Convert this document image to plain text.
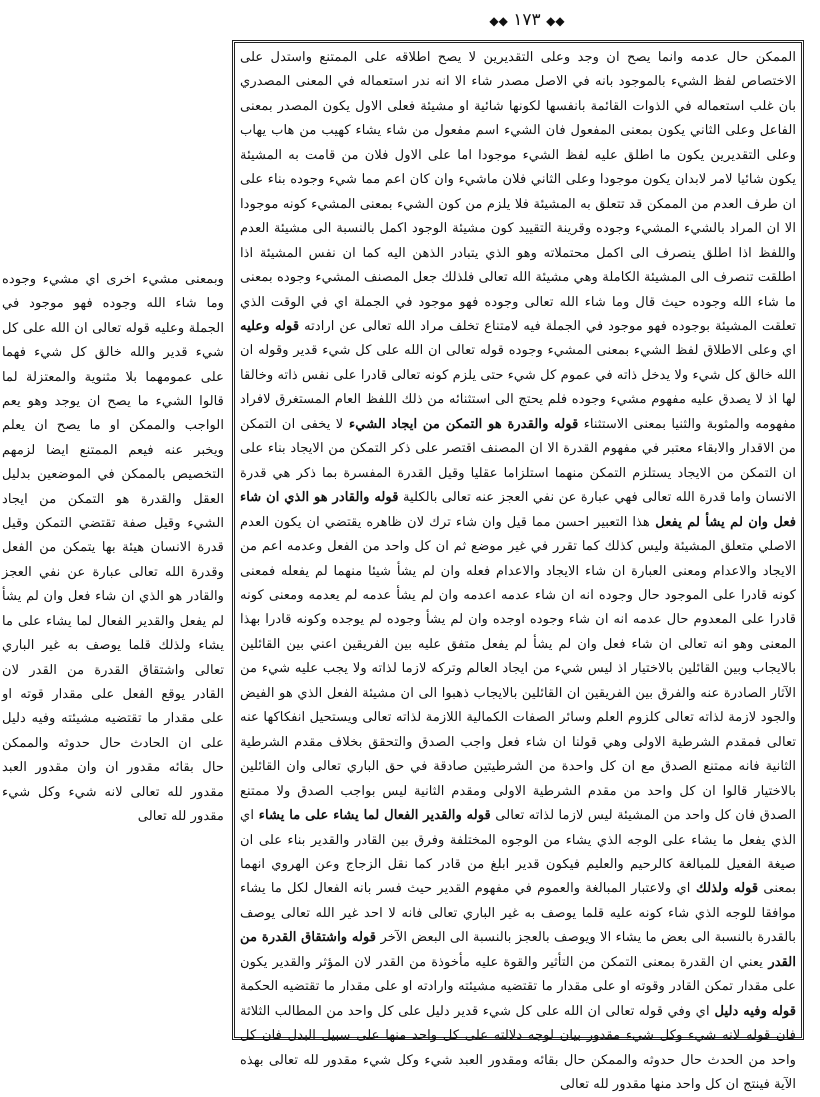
◆◆ ١٧٣ ◆◆

الممكن حال عدمه وانما يصح ان وجد وعلى التقديرين لا يصح اطلاقه على الممتنع واستدل على الاختصاص لفظ الشيء بالموجود بانه في الاصل مصدر شاء الا انه ندر استعماله في المعنى المصدري بان غلب استعماله في الذوات القائمة بانفسها لكونها شائية او مشيئة فعلى الاول يكون المصدر بمعنى الفاعل وعلى الثاني يكون بمعنى المفعول فان الشيء اسم مفعول من شاء يشاء كهيب من هاب يهاب وعلى التقديرين يكون ما اطلق عليه لفظ الشيء موجودا اما على الاول فلان من قامت به المشيئة يكون شائيا لامر لابدان يكون موجودا وعلى الثاني فلان ماشيء وان كان اعم مما شيء وجوده بناء على ان طرف العدم من الممكن قد تتعلق به المشيئة فلا يلزم من كون الشيء بمعنى المشيء كونه موجودا الا ان المراد بالشيء المشيء وجوده وقرينة التقييد كون مشيئة الوجود اكمل بالنسبة الى مشيئة العدم واللفظ اذا اطلق ينصرف الى اكمل محتملاته وهو الذي يتبادر الذهن اليه كما ان نفس المشيئة اذا اطلقت تنصرف الى المشيئة الكاملة وهي مشيئة الله تعالى فلذلك جعل المصنف المشيء وجوده بمعنى ما شاء الله وجوده حيث قال وما شاء الله تعالى وجوده فهو موجود في الجملة اي في الوقت الذي تعلقت المشيئة بوجوده فهو موجود في الجملة فيه لامتناع تخلف مراد الله تعالى عن ارادته قوله وعليه اي وعلى الاطلاق لفظ الشيء بمعنى المشيء وجوده قوله تعالى ان الله على كل شيء قدير وقوله ان الله خالق كل شيء ولا يدخل ذاته في عموم كل شيء حتى يلزم كونه تعالى قادرا على نفس ذاته وخالقا لها اذ لا يصدق عليه مفهوم مشيء وجوده فلم يحتج الى استثنائه من ذلك اللفظ العام المستغرق لافراد مفهومه والمثوبة والثنيا بمعنى الاستثناء قوله والقدرة هو التمكن من ايجاد الشيء لا يخفى ان التمكن من الاقدار والابقاء معتبر في مفهوم القدرة الا ان المصنف اقتصر على ذكر التمكن من الايجاد بناء على ان التمكن من الايجاد يستلزم التمكن منهما استلزاما عقليا وقيل القدرة المفسرة بما ذكر هي قدرة الانسان واما قدرة الله تعالى فهي عبارة عن نفي العجز عنه تعالى بالكلية قوله والقادر هو الذي ان شاء فعل وان لم يشأ لم يفعل هذا التعبير احسن مما قيل وان شاء ترك لان ظاهره يقتضي ان يكون العدم الاصلي متعلق المشيئة وليس كذلك كما تقرر في غير موضع ثم ان كل واحد من الفعل وعدمه اعم من الايجاد والاعدام ومعنى العبارة ان شاء الايجاد والاعدام فعله وان لم يشأ شيئا منهما لم يفعله فمعنى كونه قادرا على الموجود حال وجوده انه ان شاء عدمه اعدمه وان لم يشأ عدمه لم يعدمه ومعنى كونه قادرا على المعدوم حال عدمه انه ان شاء وجوده اوجده وان لم يشأ وجوده لم يوجده وكونه قادرا بهذا المعنى وهو انه تعالى ان شاء فعل وان لم يشأ لم يفعل متفق عليه بين الفريقين اعني بين القائلين بالايجاب وبين القائلين بالاختيار اذ ليس شيء من ايجاد العالم وتركه لازما لذاته ولا يجب عليه شيء من الآثار الصادرة عنه والفرق بين الفريقين ان القائلين بالايجاب ذهبوا الى ان مشيئة الفعل الذي هو الفيض والجود لازمة لذاته تعالى كلزوم العلم وسائر الصفات الكمالية اللازمة لذاته تعالى ويستحيل انفكاكها عنه تعالى فمقدم الشرطية الاولى وهي قولنا ان شاء فعل واجب الصدق والتحقق بخلاف مقدم الشرطية الثانية فانه ممتنع الصدق مع ان كل واحدة من الشرطيتين صادقة في حق الباري تعالى وان القائلين بالاختيار قالوا ان كل واحد من مقدم الشرطية الاولى ومقدم الثانية ليس بواجب الصدق ولا ممتنع الصدق فان كل واحد من المشيئة ليس لازما لذاته تعالى قوله والقدير الفعال لما يشاء على ما يشاء اي الذي يفعل ما يشاء على الوجه الذي يشاء من الوجوه المختلفة وفرق بين القادر والقدير بناء على ان صيغة الفعيل للمبالغة كالرحيم والعليم فيكون قدير ابلغ من قادر كما نقل الزجاج وعن الهروي انهما بمعنى قوله ولذلك اي ولاعتبار المبالغة والعموم في مفهوم القدير حيث فسر بانه الفعال لكل ما يشاء موافقا للوجه الذي شاء كونه عليه قلما يوصف به غير الباري تعالى فانه لا احد غير الله تعالى يوصف بالقدرة بالنسبة الى بعض ما يشاء الا ويوصف بالعجز بالنسبة الى البعض الآخر قوله واشتقاق القدرة من القدر يعني ان القدرة بمعنى التمكن من التأثير والقوة عليه مأخوذة من القدر لان المؤثر والقدير يكون على مقدار تمكن القادر وقوته او على مقدار ما تقتضيه مشيئته وارادته او على مقدار ما تقتضيه الحكمة قوله وفيه دليل اي وفي قوله تعالى ان الله على كل شيء قدير دليل على كل واحد من المطالب الثلاثة فان قوله لانه شيء وكل شيء مقدور بيان لوجه دلالته على كل واحد منها على سبيل البدل فان كل واحد من الحدث حال حدوثه والممكن حال بقائه ومقدور العبد شيء وكل شيء مقدور لله تعالى بهذه الآية فينتج ان كل واحد منها مقدور لله تعالى

وبمعنى مشيء اخرى اي مشيء وجوده وما شاء الله وجوده فهو موجود في الجملة وعليه قوله تعالى ان الله على كل شيء قدير والله خالق كل شيء فهما على عمومهما بلا مثنوية والمعتزلة لما قالوا الشيء ما يصح ان يوجد وهو يعم الواجب والممكن او ما يصح ان يعلم ويخبر عنه فيعم الممتنع ايضا لزمهم التخصيص بالممكن في الموضعين بدليل العقل والقدرة هو التمكن من ايجاد الشيء وقيل صفة تقتضي التمكن وقيل قدرة الانسان هيئة بها يتمكن من الفعل وقدرة الله تعالى عبارة عن نفي العجز والقادر هو الذي ان شاء فعل وان لم يشأ لم يفعل والقدير الفعال لما يشاء على ما يشاء ولذلك قلما يوصف به غير الباري تعالى واشتقاق القدرة من القدر لان القادر يوقع الفعل على مقدار قوته او على مقدار ما تقتضيه مشيئته وفيه دليل على ان الحادث حال حدوثه والممكن حال بقائه مقدور ان وان مقدور العبد مقدور لله تعالى لانه شيء وكل شيء مقدور لله تعالى
